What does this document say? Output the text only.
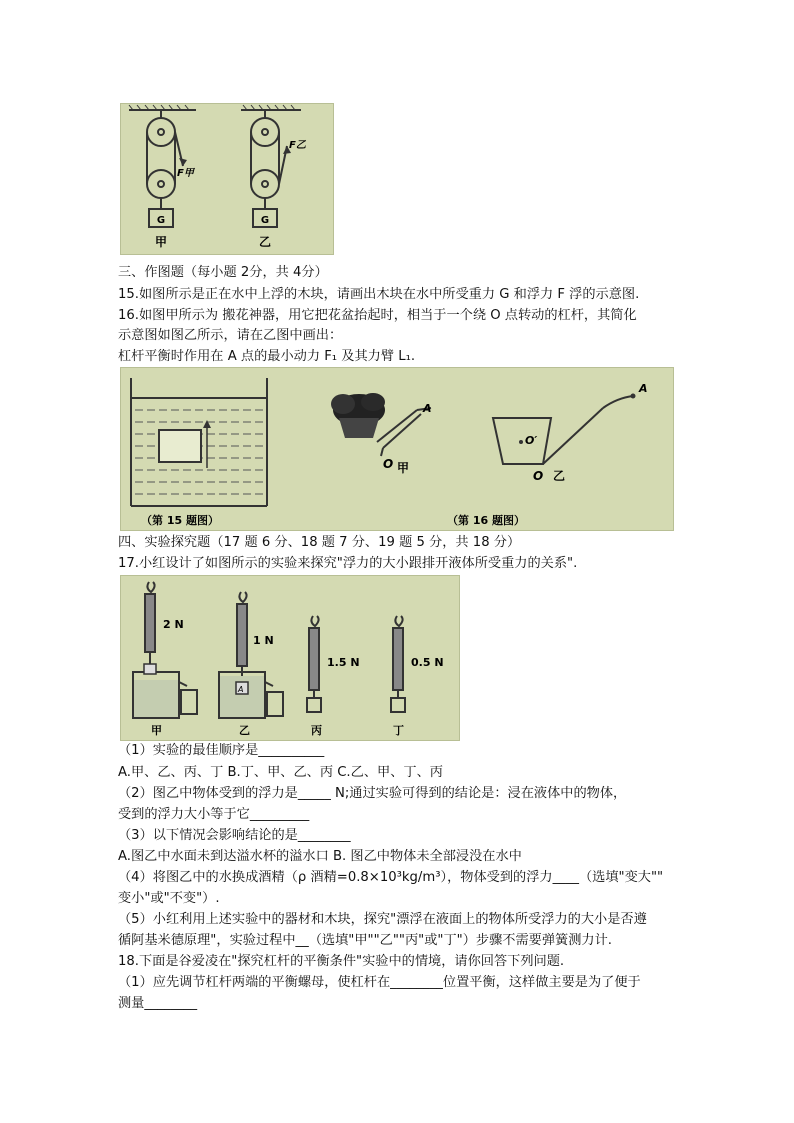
G	G
F甲
F乙
甲	乙
三、作图题（每小题 2分，共 4分）
15.如图所示是正在水中上浮的木块，请画出木块在水中所受重力 G 和浮力 F 浮的示意图.
16.如图甲所示为 搬花神器，用它把花盆抬起时，相当于一个绕 O 点转动的杠杆，其简化
示意图如图乙所示，请在乙图中画出：
杠杆平衡时作用在 A 点的最小动力 F₁ 及其力臂 L₁.
（第 15 题图）
A
O 甲
O′
A
O 乙
（第 16 题图）
四、实验探究题（17 题 6 分、18 题 7 分、19 题 5 分，共 18 分）
17.小红设计了如图所示的实验来探究"浮力的大小跟排开液体所受重力的关系".
2 N
甲
A
1 N
乙
1.5 N
丙
0.5 N
丁
（1）实验的最佳顺序是__________
A.甲、乙、丙、丁 B.丁、甲、乙、丙 C.乙、甲、丁、丙
（2）图乙中物体受到的浮力是_____ N;通过实验可得到的结论是：浸在液体中的物体，
受到的浮力大小等于它_________
（3）以下情况会影响结论的是________
A.图乙中水面未到达溢水杯的溢水口 B. 图乙中物体未全部浸没在水中
（4）将图乙中的水换成酒精（ρ 酒精=0.8×10³kg/m³），物体受到的浮力____（选填"变大""
变小"或"不变"）.
（5）小红利用上述实验中的器材和木块，探究"漂浮在液面上的物体所受浮力的大小是否遵
循阿基米德原理"，实验过程中__（选填"甲""乙""丙"或"丁"）步骤不需要弹簧测力计.
18.下面是谷爱凌在"探究杠杆的平衡条件"实验中的情境，请你回答下列问题.
（1）应先调节杠杆两端的平衡螺母，使杠杆在________位置平衡，这样做主要是为了便于
测量________
